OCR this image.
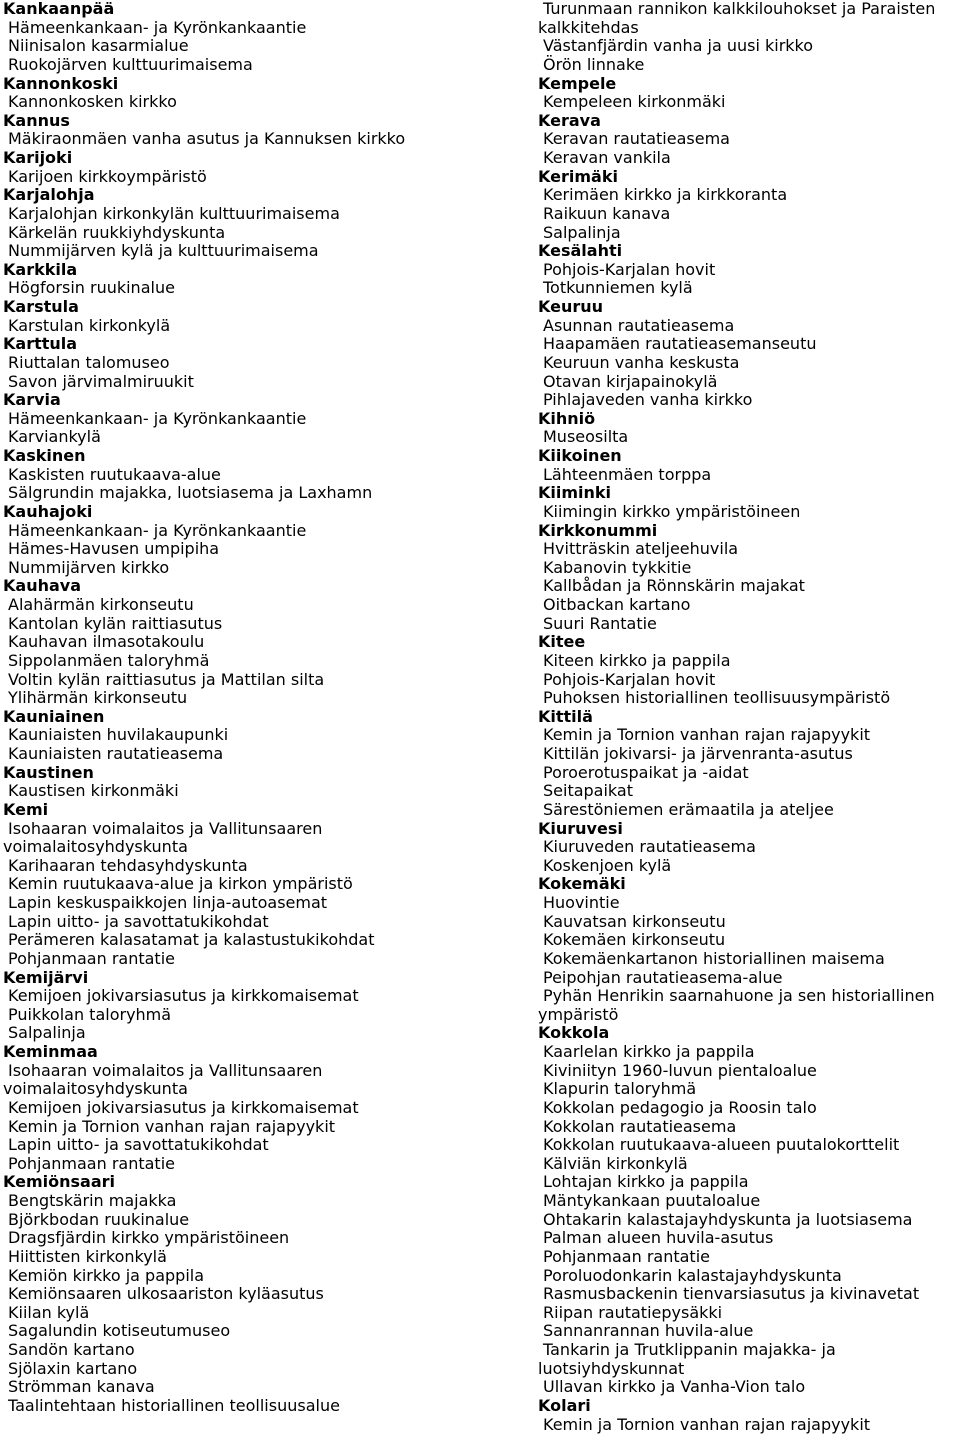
Kankaanpää
Hämeenkankaan- ja Kyrönkankaantie
Niinisalon kasarmialue
Ruokojärven kulttuurimaisema
Kannonkoski
Kannonkosken kirkko
Kannus
Mäkiraonmäen vanha asutus ja Kannuksen kirkko
Karijoki
Karijoen kirkkoympäristö
Karjalohja
Karjalohjan kirkonkylän kulttuurimaisema
Kärkelän ruukkiyhdyskunta
Nummijärven kylä ja kulttuurimaisema
Karkkila
Högforsin ruukinalue
Karstula
Karstulan kirkonkylä
Karttula
Riuttalan talomuseo
Savon järvimalmiruukit
Karvia
Hämeenkankaan- ja Kyrönkankaantie
Karviankylä
Kaskinen
Kaskisten ruutukaava-alue
Sälgrundin majakka, luotsiasema ja Laxhamn
Kauhajoki
Hämeenkankaan- ja Kyrönkankaantie
Hämes-Havusen umpipiha
Nummijärven kirkko
Kauhava
Alahärmän kirkonseutu
Kantolan kylän raittiasutus
Kauhavan ilmasotakoulu
Sippolanmäen taloryhmä
Voltin kylän raittiasutus ja Mattilan silta
Ylihärmän kirkonseutu
Kauniainen
Kauniaisten huvilakaupunki
Kauniaisten rautatieasema
Kaustinen
Kaustisen kirkonmäki
Kemi
Isohaaran voimalaitos ja Vallitunsaaren
voimalaitosyhdyskunta
Karihaaran tehdasyhdyskunta
Kemin ruutukaava-alue ja kirkon ympäristö
Lapin keskuspaikkojen linja-autoasemat
Lapin uitto- ja savottatukikohdat
Perämeren kalasatamat ja kalastustukikohdat
Pohjanmaan rantatie
Kemijärvi
Kemijoen jokivarsiasutus ja kirkkomaisemat
Puikkolan taloryhmä
Salpalinja
Keminmaa
Isohaaran voimalaitos ja Vallitunsaaren
voimalaitosyhdyskunta
Kemijoen jokivarsiasutus ja kirkkomaisemat
Kemin ja Tornion vanhan rajan rajapyykit
Lapin uitto- ja savottatukikohdat
Pohjanmaan rantatie
Kemiönsaari
Bengtskärin majakka
Björkbodan ruukinalue
Dragsfjärdin kirkko ympäristöineen
Hiittisten kirkonkylä
Kemiön kirkko ja pappila
Kemiönsaaren ulkosaariston kyläasutus
Kiilan kylä
Sagalundin kotiseutumuseo
Sandön kartano
Sjölaxin kartano
Strömman kanava
Taalintehtaan historiallinen teollisuusalue
Turunmaan rannikon kalkkilouhokset ja Paraisten
kalkkitehdas
Västanfjärdin vanha ja uusi kirkko
Örön linnake
Kempele
Kempeleen kirkonmäki
Kerava
Keravan rautatieasema
Keravan vankila
Kerimäki
Kerimäen kirkko ja kirkkoranta
Raikuun kanava
Salpalinja
Kesälahti
Pohjois-Karjalan hovit
Totkunniemen kylä
Keuruu
Asunnan rautatieasema
Haapamäen rautatieasemanseutu
Keuruun vanha keskusta
Otavan kirjapainokylä
Pihlajaveden vanha kirkko
Kihniö
Museosilta
Kiikoinen
Lähteenmäen torppa
Kiiminki
Kiimingin kirkko ympäristöineen
Kirkkonummi
Hvitträskin ateljeehuvila
Kabanovin tykkitie
Kallbådan ja Rönnskärin majakat
Oitbackan kartano
Suuri Rantatie
Kitee
Kiteen kirkko ja pappila
Pohjois-Karjalan hovit
Puhoksen historiallinen teollisuusympäristö
Kittilä
Kemin ja Tornion vanhan rajan rajapyykit
Kittilän jokivarsi- ja järvenranta-asutus
Poroerotuspaikat ja -aidat
Seitapaikat
Särestöniemen erämaatila ja ateljee
Kiuruvesi
Kiuruveden rautatieasema
Koskenjoen kylä
Kokemäki
Huovintie
Kauvatsan kirkonseutu
Kokemäen kirkonseutu
Kokemäenkartanon historiallinen maisema
Peipohjan rautatieasema-alue
Pyhän Henrikin saarnahuone ja sen historiallinen
ympäristö
Kokkola
Kaarlelan kirkko ja pappila
Kiviniityn 1960-luvun pientaloalue
Klapurin taloryhmä
Kokkolan pedagogio ja Roosin talo
Kokkolan rautatieasema
Kokkolan ruutukaava-alueen puutalokorttelit
Kälviän kirkonkylä
Lohtajan kirkko ja pappila
Mäntykankaan puutaloalue
Ohtakarin kalastajayhdyskunta ja luotsiasema
Palman alueen huvila-asutus
Pohjanmaan rantatie
Poroluodonkarin kalastajayhdyskunta
Rasmusbackenin tienvarsiasutus ja kivinavetat
Riipan rautatiepysäkki
Sannanrannan huvila-alue
Tankarin ja Trutklippanin majakka- ja
luotsiyhdyskunnat
Ullavan kirkko ja Vanha-Vion talo
Kolari
Kemin ja Tornion vanhan rajan rajapyykit
